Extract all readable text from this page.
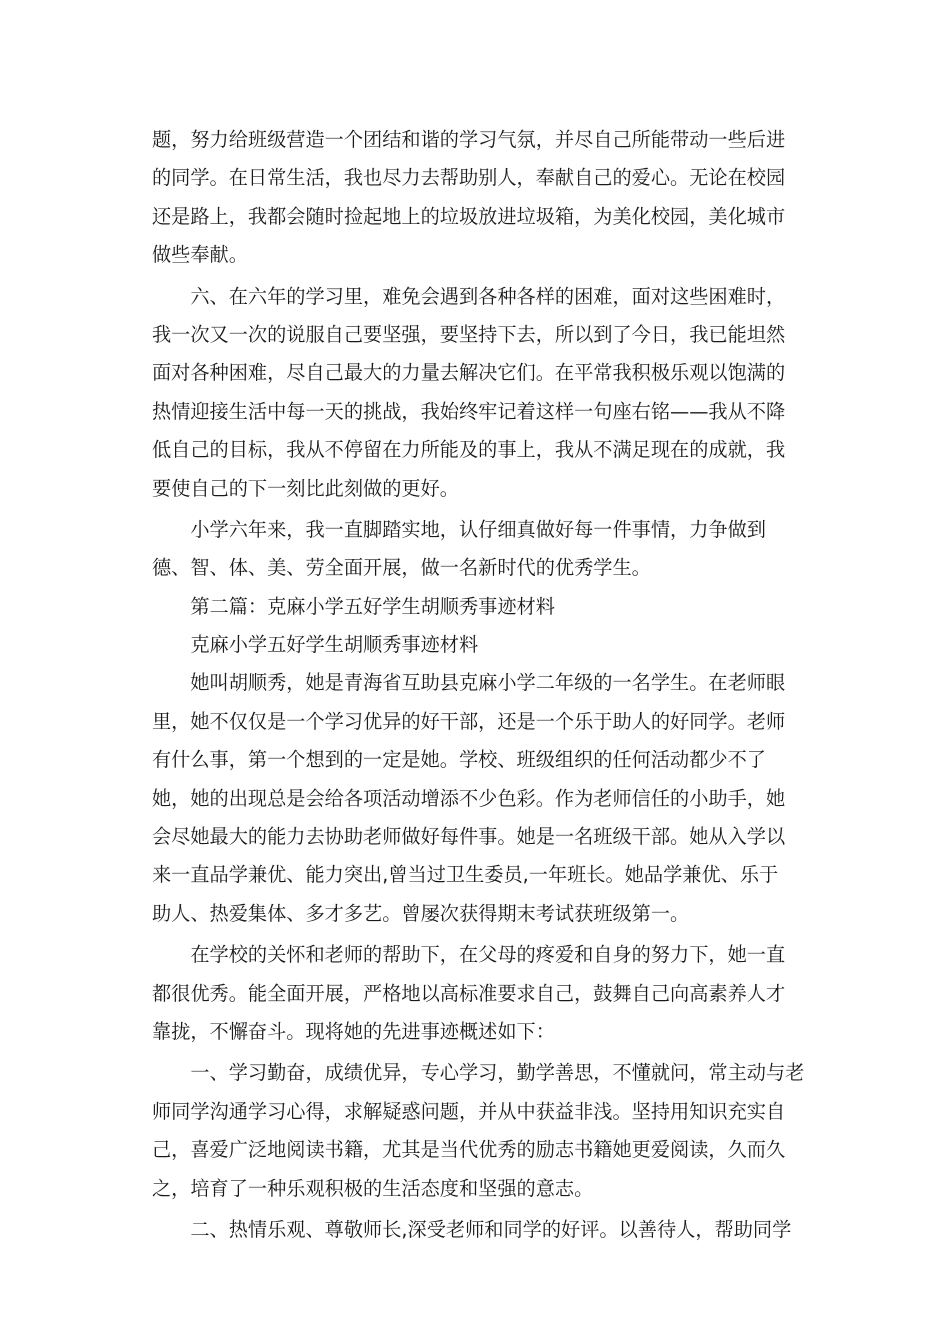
题，努力给班级营造一个团结和谐的学习气氛，并尽自己所能带动一些后进
的同学。在日常生活，我也尽力去帮助别人，奉献自己的爱心。无论在校园
还是路上，我都会随时捡起地上的垃圾放进垃圾箱，为美化校园，美化城市
做些奉献。
　　六、在六年的学习里，难免会遇到各种各样的困难，面对这些困难时，
我一次又一次的说服自己要坚强，要坚持下去，所以到了今日，我已能坦然
面对各种困难，尽自己最大的力量去解决它们。在平常我积极乐观以饱满的
热情迎接生活中每一天的挑战，我始终牢记着这样一句座右铭——我从不降
低自己的目标，我从不停留在力所能及的事上，我从不满足现在的成就，我
要使自己的下一刻比此刻做的更好。
　　小学六年来，我一直脚踏实地，认仔细真做好每一件事情，力争做到
德、智、体、美、劳全面开展，做一名新时代的优秀学生。
　　第二篇：克麻小学五好学生胡顺秀事迹材料
　　克麻小学五好学生胡顺秀事迹材料
　　她叫胡顺秀，她是青海省互助县克麻小学二年级的一名学生。在老师眼
里，她不仅仅是一个学习优异的好干部，还是一个乐于助人的好同学。老师
有什么事，第一个想到的一定是她。学校、班级组织的任何活动都少不了
她，她的出现总是会给各项活动增添不少色彩。作为老师信任的小助手，她
会尽她最大的能力去协助老师做好每件事。她是一名班级干部。她从入学以
来一直品学兼优、能力突出,曾当过卫生委员,一年班长。她品学兼优、乐于
助人、热爱集体、多才多艺。曾屡次获得期末考试获班级第一。
　　在学校的关怀和老师的帮助下，在父母的疼爱和自身的努力下，她一直
都很优秀。能全面开展，严格地以高标准要求自己，鼓舞自己向高素养人才
靠拢，不懈奋斗。现将她的先进事迹概述如下：
　　一、学习勤奋，成绩优异，专心学习，勤学善思，不懂就问，常主动与老
师同学沟通学习心得，求解疑惑问题，并从中获益非浅。坚持用知识充实自
己，喜爱广泛地阅读书籍，尤其是当代优秀的励志书籍她更爱阅读，久而久
之，培育了一种乐观积极的生活态度和坚强的意志。
　　二、热情乐观、尊敬师长,深受老师和同学的好评。以善待人，帮助同学
